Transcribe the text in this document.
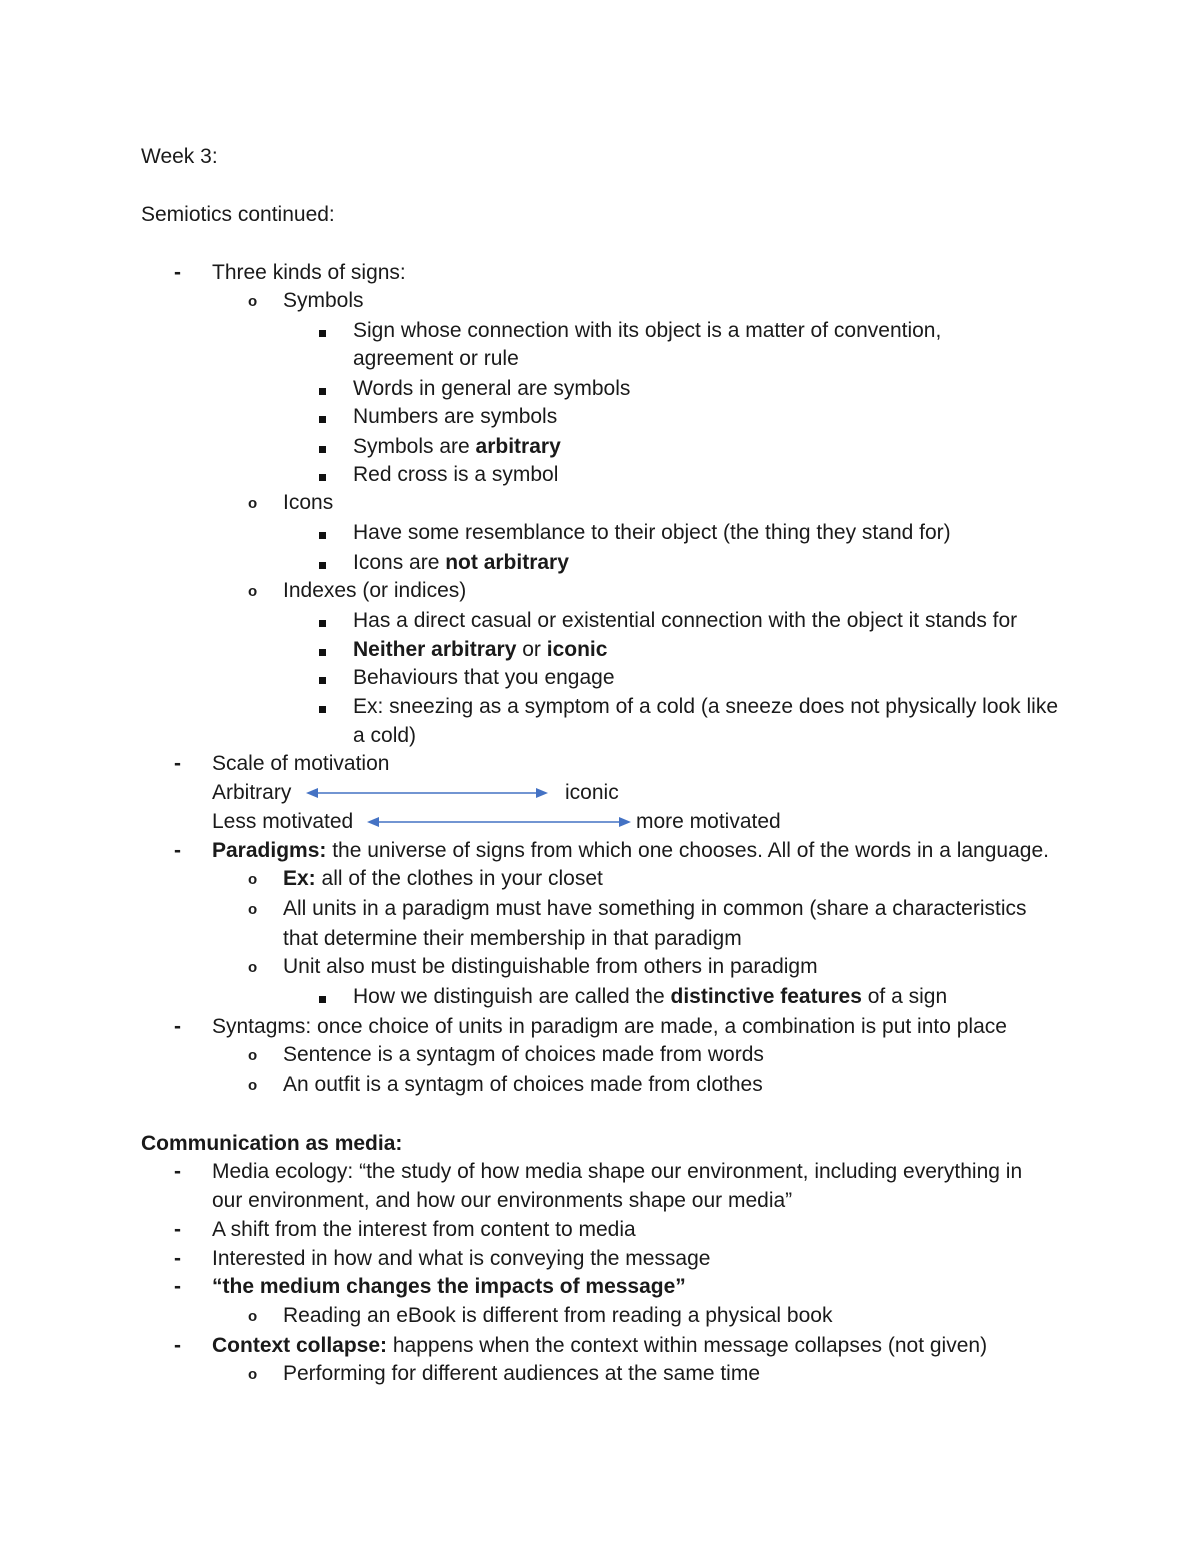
Week 3:
Semiotics continued:
- Three kinds of signs:
o Symbols
Sign whose connection with its object is a matter of convention,
agreement or rule
Words in general are symbols
Numbers are symbols
Symbols are arbitrary
Red cross is a symbol
o Icons
Have some resemblance to their object (the thing they stand for)
Icons are not arbitrary
o Indexes (or indices)
Has a direct casual or existential connection with the object it stands for
Neither arbitrary or iconic
Behaviours that you engage
Ex: sneezing as a symptom of a cold (a sneeze does not physically look like
a cold)
- Scale of motivation
Arbitrary	iconic
Less motivated	more motivated
- Paradigms: the universe of signs from which one chooses. All of the words in a language.
o Ex: all of the clothes in your closet
o All units in a paradigm must have something in common (share a characteristics
that determine their membership in that paradigm
o Unit also must be distinguishable from others in paradigm
How we distinguish are called the distinctive features of a sign
- Syntagms: once choice of units in paradigm are made, a combination is put into place
o Sentence is a syntagm of choices made from words
o An outfit is a syntagm of choices made from clothes
Communication as media:
- Media ecology: “the study of how media shape our environment, including everything in
our environment, and how our environments shape our media”
- A shift from the interest from content to media
- Interested in how and what is conveying the message
- “the medium changes the impacts of message”
o Reading an eBook is different from reading a physical book
- Context collapse: happens when the context within message collapses (not given)
o Performing for different audiences at the same time
